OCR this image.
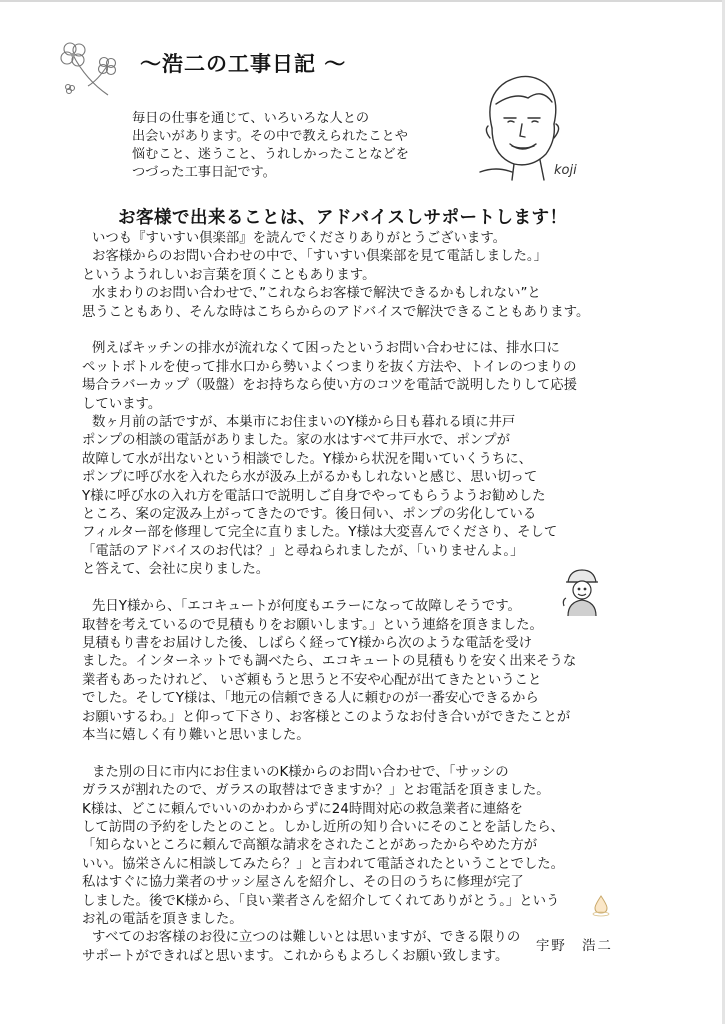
～浩二の工事日記 ～
毎日の仕事を通じて、いろいろな人との
出会いがあります。その中で教えられたことや
悩むこと、迷うこと、うれしかったことなどを
つづった工事日記です。	koji
お客様で出来ることは、アドバイスしサポートします！
いつも『すいすい倶楽部』を読んでくださりありがとうございます。
お客様からのお問い合わせの中で、「すいすい倶楽部を見て電話しました。」
というようれしいお言葉を頂くこともあります。
水まわりのお問い合わせで、”これならお客様で解決できるかもしれない”と
思うこともあり、そんな時はこちらからのアドバイスで解決できることもあります。
例えばキッチンの排水が流れなくて困ったというお問い合わせには、排水口に
ペットボトルを使って排水口から勢いよくつまりを抜く方法や、トイレのつまりの
場合ラバーカップ（吸盤）をお持ちなら使い方のコツを電話で説明したりして応援
しています。
数ヶ月前の話ですが、本巣市にお住まいのY様から日も暮れる頃に井戸
ポンプの相談の電話がありました。家の水はすべて井戸水で、ポンプが
故障して水が出ないという相談でした。Y様から状況を聞いていくうちに、
ポンプに呼び水を入れたら水が汲み上がるかもしれないと感じ、思い切って
Y様に呼び水の入れ方を電話口で説明しご自身でやってもらうようお勧めした
ところ、案の定汲み上がってきたのです。後日伺い、ポンプの劣化している
フィルター部を修理して完全に直りました。Y様は大変喜んでくださり、そして
「電話のアドバイスのお代は？」と尋ねられましたが、「いりませんよ。」
と答えて、会社に戻りました。
先日Y様から、「エコキュートが何度もエラーになって故障しそうです。
取替を考えているので見積もりをお願いします。」という連絡を頂きました。
見積もり書をお届けした後、しばらく経ってY様から次のような電話を受け
ました。インターネットでも調べたら、エコキュートの見積もりを安く出来そうな
業者もあったけれど、 いざ頼もうと思うと不安や心配が出てきたということ
でした。そしてY様は、「地元の信頼できる人に頼むのが一番安心できるから
お願いするわ。」と仰って下さり、お客様とこのようなお付き合いができたことが
本当に嬉しく有り難いと思いました。
また別の日に市内にお住まいのK様からのお問い合わせで、「サッシの
ガラスが割れたので、ガラスの取替はできますか？」とお電話を頂きました。
K様は、どこに頼んでいいのかわからずに24時間対応の救急業者に連絡を
して訪問の予約をしたとのこと。しかし近所の知り合いにそのことを話したら、
「知らないところに頼んで高額な請求をされたことがあったからやめた方が
いい。協栄さんに相談してみたら？」と言われて電話されたということでした。
私はすぐに協力業者のサッシ屋さんを紹介し、その日のうちに修理が完了
しました。後でK様から、「良い業者さんを紹介してくれてありがとう。」という
お礼の電話を頂きました。
すべてのお客様のお役に立つのは難しいとは思いますが、できる限りの
サポートができればと思います。これからもよろしくお願い致します。
宇野　浩二
